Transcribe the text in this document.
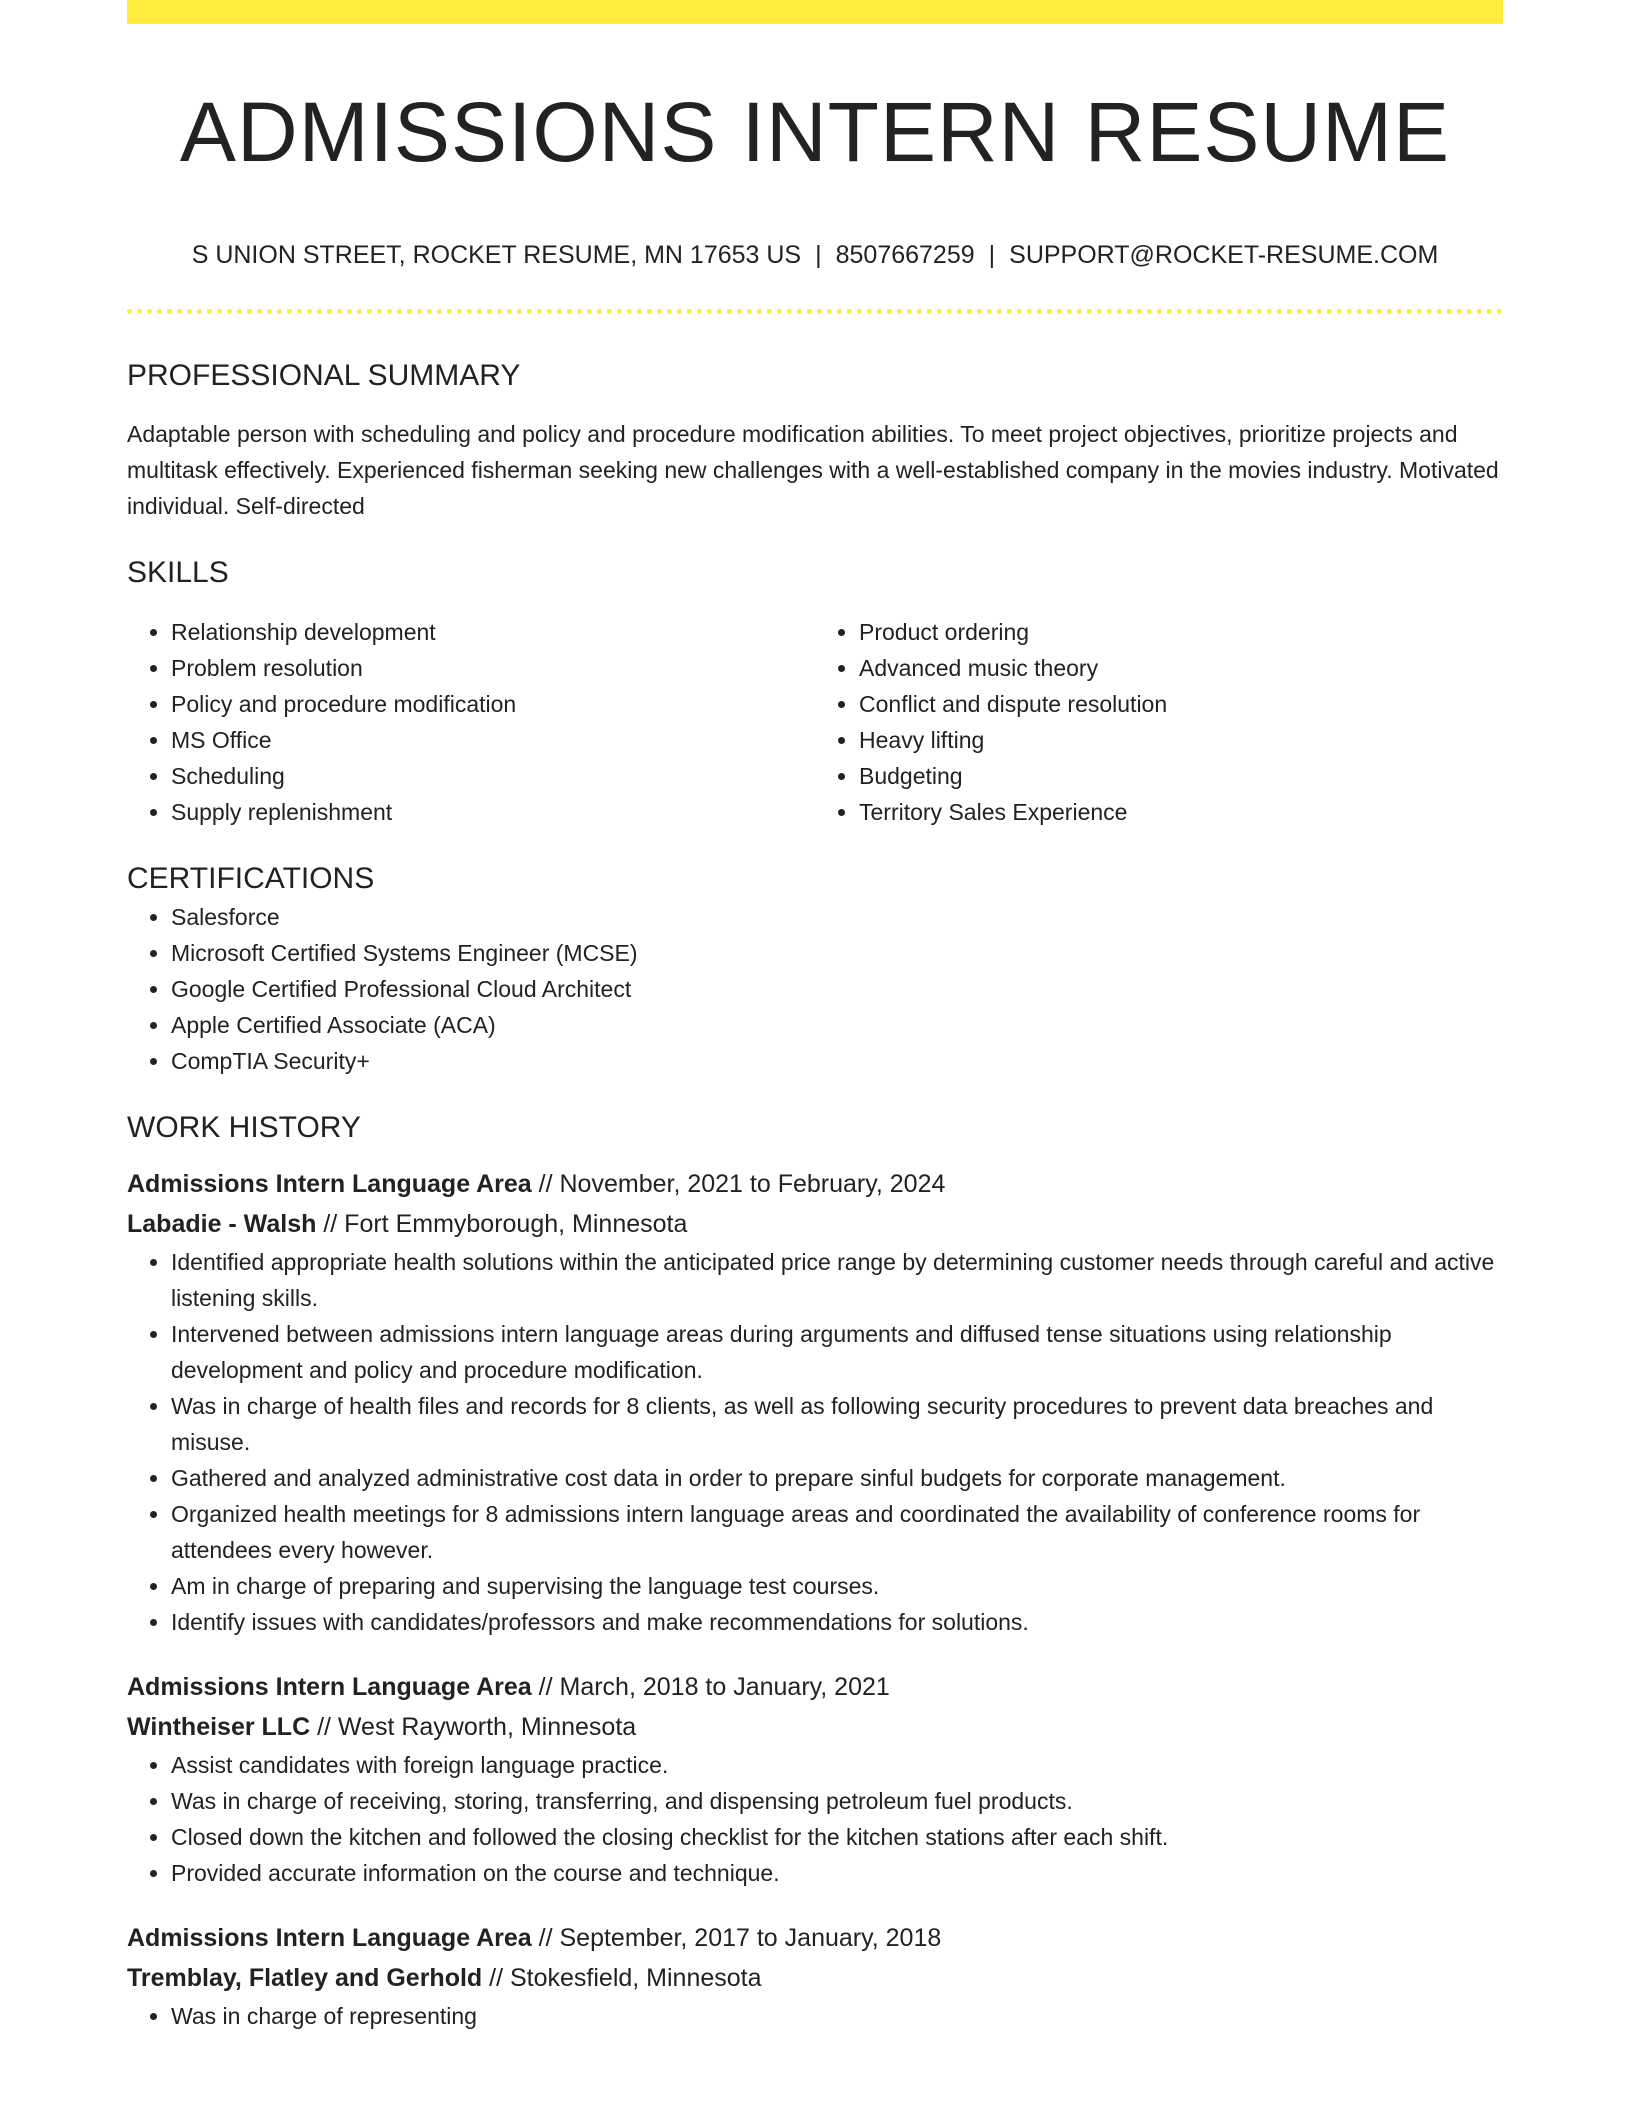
ADMISSIONS INTERN RESUME
S UNION STREET, ROCKET RESUME, MN 17653 US | 8507667259 | SUPPORT@ROCKET-RESUME.COM
PROFESSIONAL SUMMARY

Adaptable person with scheduling and policy and procedure modification abilities. To meet project objectives, prioritize projects and multitask effectively. Experienced fisherman seeking new challenges with a well-established company in the movies industry. Motivated individual. Self-directed

SKILLS
• Relationship development
• Problem resolution
• Policy and procedure modification
• MS Office
• Scheduling
• Supply replenishment
• Product ordering
• Advanced music theory
• Conflict and dispute resolution
• Heavy lifting
• Budgeting
• Territory Sales Experience
CERTIFICATIONS
• Salesforce
• Microsoft Certified Systems Engineer (MCSE)
• Google Certified Professional Cloud Architect
• Apple Certified Associate (ACA)
• CompTIA Security+
WORK HISTORY
Admissions Intern Language Area // November, 2021 to February, 2024
Labadie - Walsh // Fort Emmyborough, Minnesota
• Identified appropriate health solutions within the anticipated price range by determining customer needs through careful and active listening skills.
• Intervened between admissions intern language areas during arguments and diffused tense situations using relationship development and policy and procedure modification.
• Was in charge of health files and records for 8 clients, as well as following security procedures to prevent data breaches and misuse.
• Gathered and analyzed administrative cost data in order to prepare sinful budgets for corporate management.
• Organized health meetings for 8 admissions intern language areas and coordinated the availability of conference rooms for attendees every however.
• Am in charge of preparing and supervising the language test courses.
• Identify issues with candidates/professors and make recommendations for solutions.
Admissions Intern Language Area // March, 2018 to January, 2021
Wintheiser LLC // West Rayworth, Minnesota
• Assist candidates with foreign language practice.
• Was in charge of receiving, storing, transferring, and dispensing petroleum fuel products.
• Closed down the kitchen and followed the closing checklist for the kitchen stations after each shift.
• Provided accurate information on the course and technique.
Admissions Intern Language Area // September, 2017 to January, 2018
Tremblay, Flatley and Gerhold // Stokesfield, Minnesota
• Was in charge of representing
